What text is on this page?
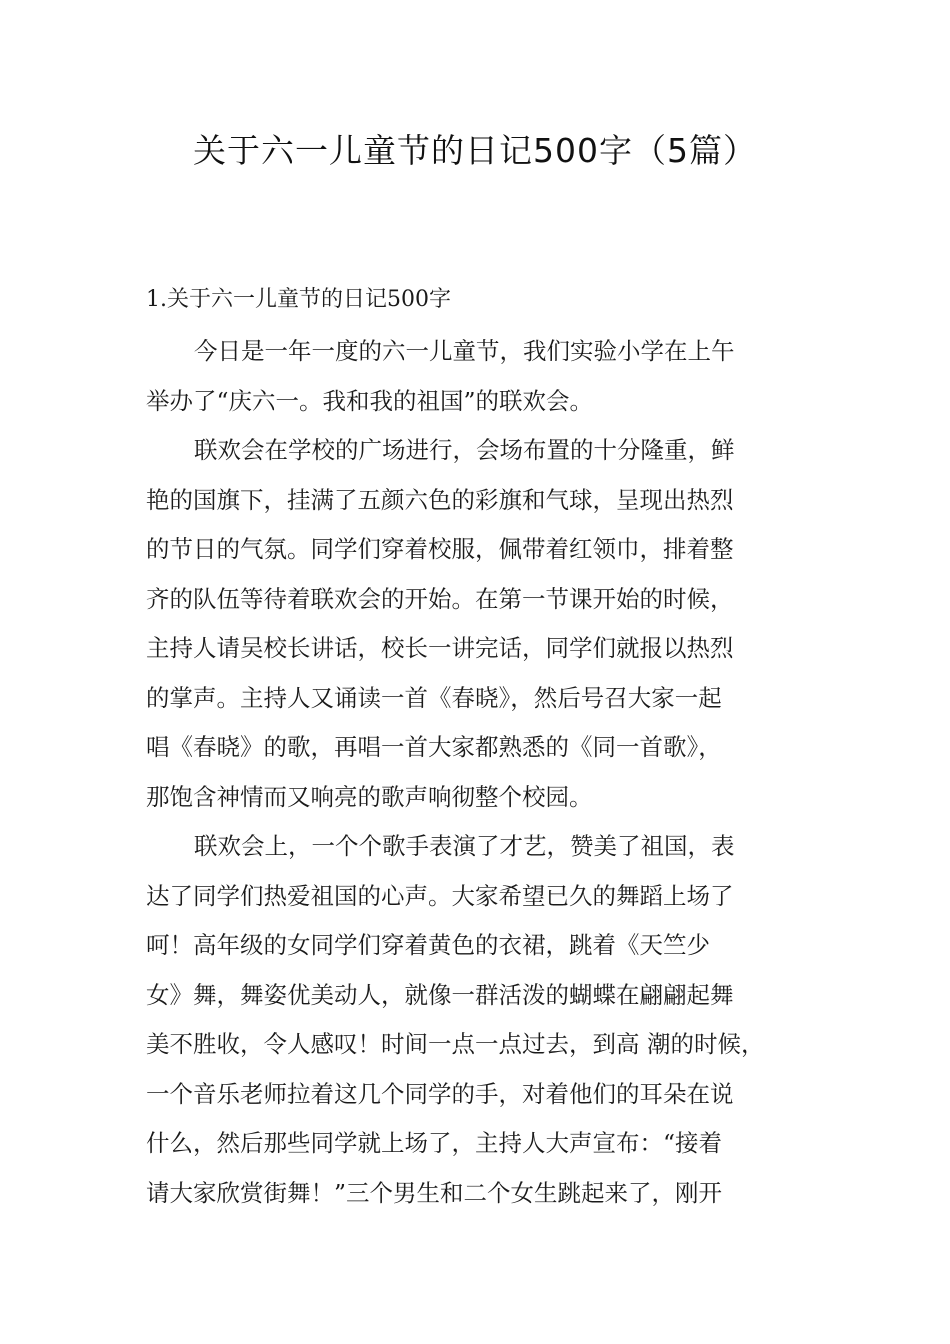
关于六一儿童节的日记500字（5篇）
1.关于六一儿童节的日记500字
今日是一年一度的六一儿童节，我们实验小学在上午
举办了“庆六一。我和我的祖国”的联欢会。
联欢会在学校的广场进行，会场布置的十分隆重，鲜
艳的国旗下，挂满了五颜六色的彩旗和气球，呈现出热烈
的节日的气氛。同学们穿着校服，佩带着红领巾，排着整
齐的队伍等待着联欢会的开始。在第一节课开始的时候，
主持人请吴校长讲话，校长一讲完话，同学们就报以热烈
的掌声。主持人又诵读一首《春晓》，然后号召大家一起
唱《春晓》的歌，再唱一首大家都熟悉的《同一首歌》，
那饱含神情而又响亮的歌声响彻整个校园。
联欢会上，一个个歌手表演了才艺，赞美了祖国，表
达了同学们热爱祖国的心声。大家希望已久的舞蹈上场了
呵！高年级的女同学们穿着黄色的衣裙，跳着《天竺少
女》舞，舞姿优美动人，就像一群活泼的蝴蝶在翩翩起舞
美不胜收，令人感叹！时间一点一点过去，到高 潮的时候，
一个音乐老师拉着这几个同学的手，对着他们的耳朵在说
什么，然后那些同学就上场了，主持人大声宣布：“接着
请大家欣赏街舞！”三个男生和二个女生跳起来了，刚开
